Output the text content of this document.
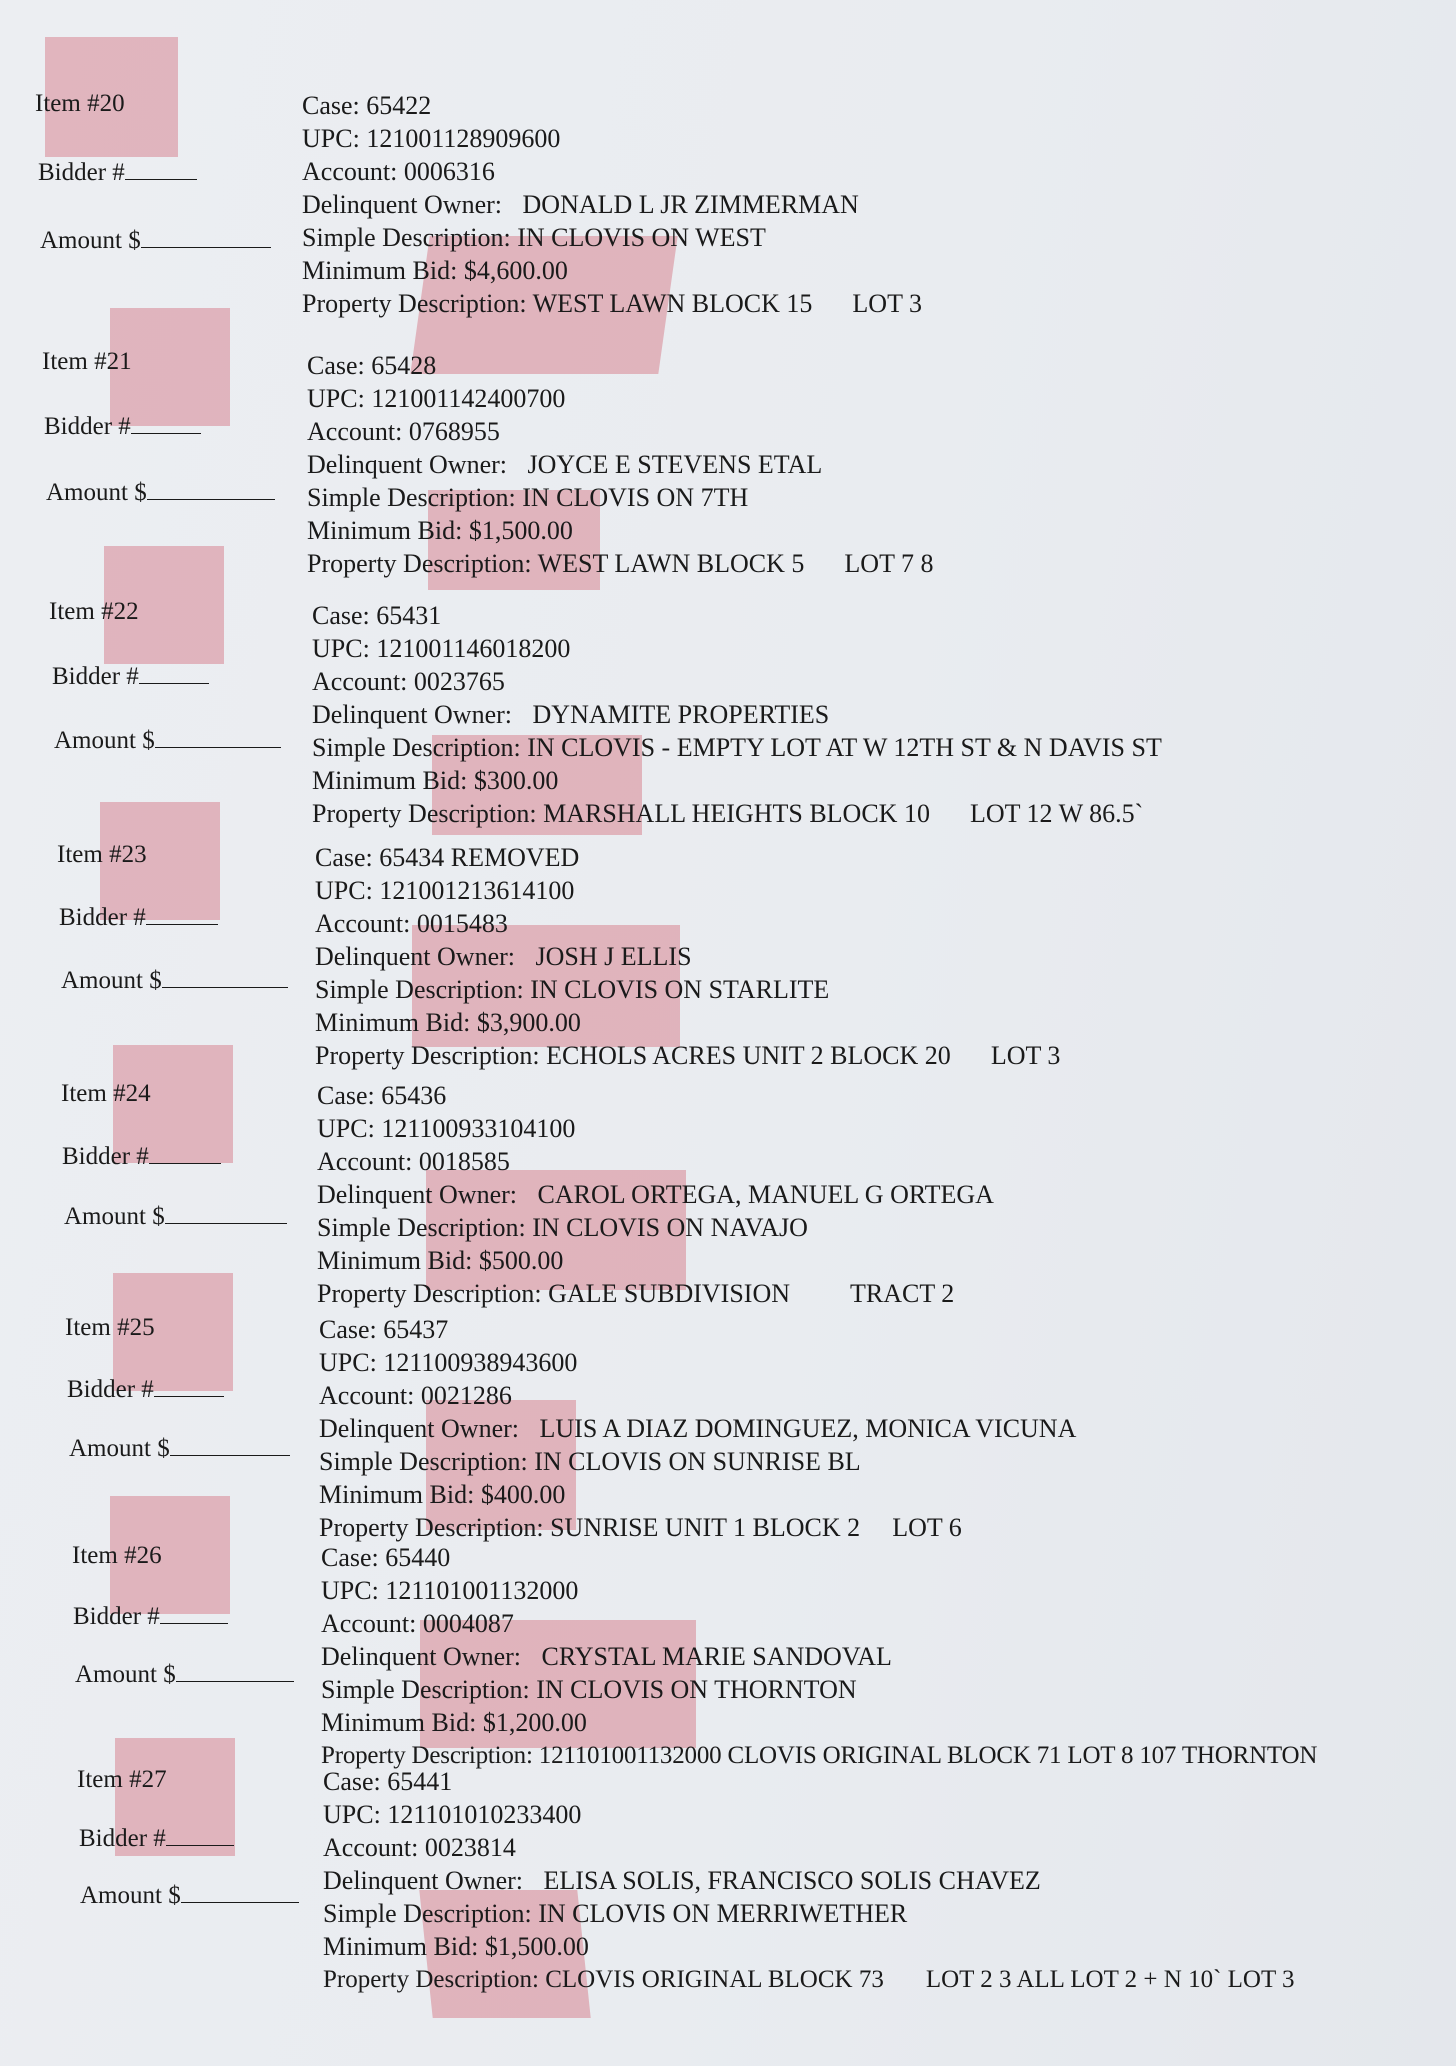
Item #20
Bidder #
Amount $
Case: 65422
UPC: 121001128909600
Account: 0006316
Delinquent Owner: DONALD L JR ZIMMERMAN
Simple Description: IN CLOVIS ON WEST
Minimum Bid: $4,600.00
Property Description: WEST LAWN BLOCK 15 LOT 3
Item #21
Bidder #
Amount $
Case: 65428
UPC: 121001142400700
Account: 0768955
Delinquent Owner: JOYCE E STEVENS ETAL
Simple Description: IN CLOVIS ON 7TH
Minimum Bid: $1,500.00
Property Description: WEST LAWN BLOCK 5 LOT 7 8
Item #22
Bidder #
Amount $
Case: 65431
UPC: 121001146018200
Account: 0023765
Delinquent Owner: DYNAMITE PROPERTIES
Simple Description: IN CLOVIS - EMPTY LOT AT W 12TH ST & N DAVIS ST
Minimum Bid: $300.00
Property Description: MARSHALL HEIGHTS BLOCK 10 LOT 12 W 86.5`
Item #23
Bidder #
Amount $
Case: 65434 REMOVED
UPC: 121001213614100
Account: 0015483
Delinquent Owner: JOSH J ELLIS
Simple Description: IN CLOVIS ON STARLITE
Minimum Bid: $3,900.00
Property Description: ECHOLS ACRES UNIT 2 BLOCK 20 LOT 3
Item #24
Bidder #
Amount $
Case: 65436
UPC: 121100933104100
Account: 0018585
Delinquent Owner: CAROL ORTEGA, MANUEL G ORTEGA
Simple Description: IN CLOVIS ON NAVAJO
Minimum Bid: $500.00
Property Description: GALE SUBDIVISION TRACT 2
Item #25
Bidder #
Amount $
Case: 65437
UPC: 121100938943600
Account: 0021286
Delinquent Owner: LUIS A DIAZ DOMINGUEZ, MONICA VICUNA
Simple Description: IN CLOVIS ON SUNRISE BL
Minimum Bid: $400.00
Property Description: SUNRISE UNIT 1 BLOCK 2 LOT 6
Item #26
Bidder #
Amount $
Case: 65440
UPC: 121101001132000
Account: 0004087
Delinquent Owner: CRYSTAL MARIE SANDOVAL
Simple Description: IN CLOVIS ON THORNTON
Minimum Bid: $1,200.00
Property Description: 121101001132000 CLOVIS ORIGINAL BLOCK 71 LOT 8 107 THORNTON
Item #27
Bidder #
Amount $
Case: 65441
UPC: 121101010233400
Account: 0023814
Delinquent Owner: ELISA SOLIS, FRANCISCO SOLIS CHAVEZ
Simple Description: IN CLOVIS ON MERRIWETHER
Minimum Bid: $1,500.00
Property Description: CLOVIS ORIGINAL BLOCK 73 LOT 2 3 ALL LOT 2 + N 10` LOT 3
